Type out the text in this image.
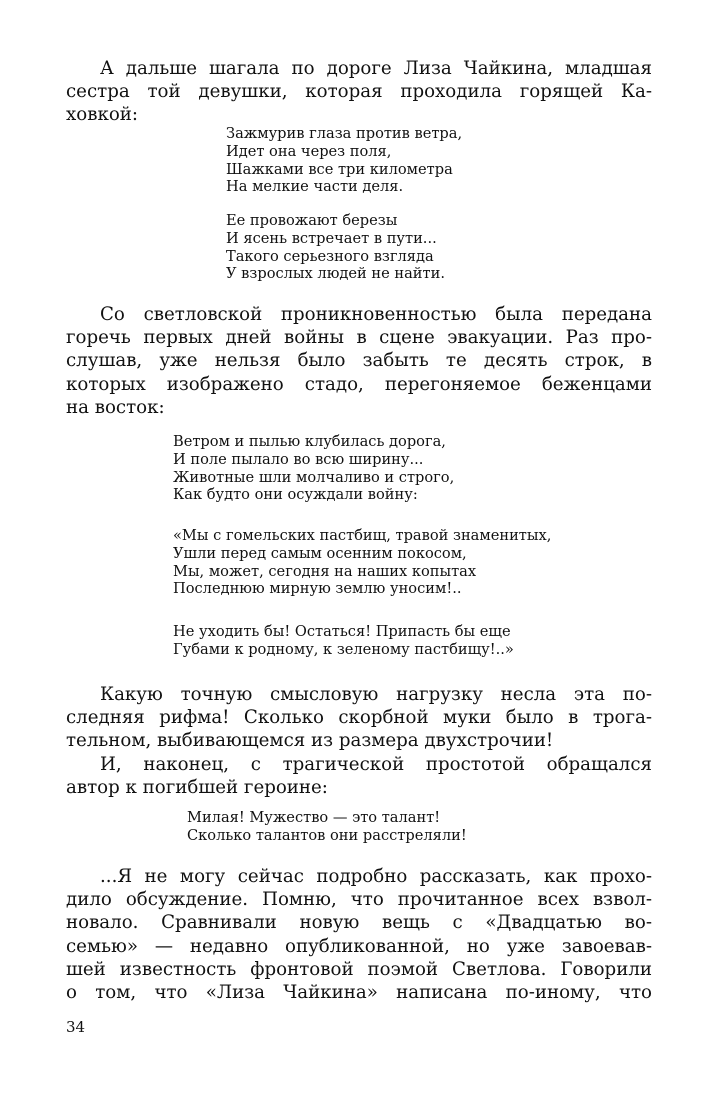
А дальше шагала по дороге Лиза Чайкина, младшая
сестра той девушки, которая проходила горящей Ка-
ховкой:

Зажмурив глаза против ветра,
Идет она через поля,
Шажками все три километра
На мелкие части деля.
Ее провожают березы
И ясень встречает в пути...
Такого серьезного взгляда
У взрослых людей не найти.

Со светловской проникновенностью была передана
горечь первых дней войны в сцене эвакуации. Раз про-
слушав, уже нельзя было забыть те десять строк, в
которых изображено стадо, перегоняемое беженцами
на восток:

Ветром и пылью клубилась дорога,
И поле пылало во всю ширину...
Животные шли молчаливо и строго,
Как будто они осуждали войну:
«Мы с гомельских пастбищ, травой знаменитых,
Ушли перед самым осенним покосом,
Мы, может, сегодня на наших копытах
Последнюю мирную землю уносим!..
Не уходить бы! Остаться! Припасть бы еще
Губами к родному, к зеленому пастбищу!..»

Какую точную смысловую нагрузку несла эта по-
следняя рифма! Сколько скорбной муки было в трога-
тельном, выбивающемся из размера двухстрочии!
И, наконец, с трагической простотой обращался
автор к погибшей героине:

Милая! Мужество — это талант!
Сколько талантов они расстреляли!

...Я не могу сейчас подробно рассказать, как прохо-
дило обсуждение. Помню, что прочитанное всех взвол-
новало. Сравнивали новую вещь с «Двадцатью во-
семью» — недавно опубликованной, но уже завоевав-
шей известность фронтовой поэмой Светлова. Говорили
о том, что «Лиза Чайкина» написана по-иному, что

34
